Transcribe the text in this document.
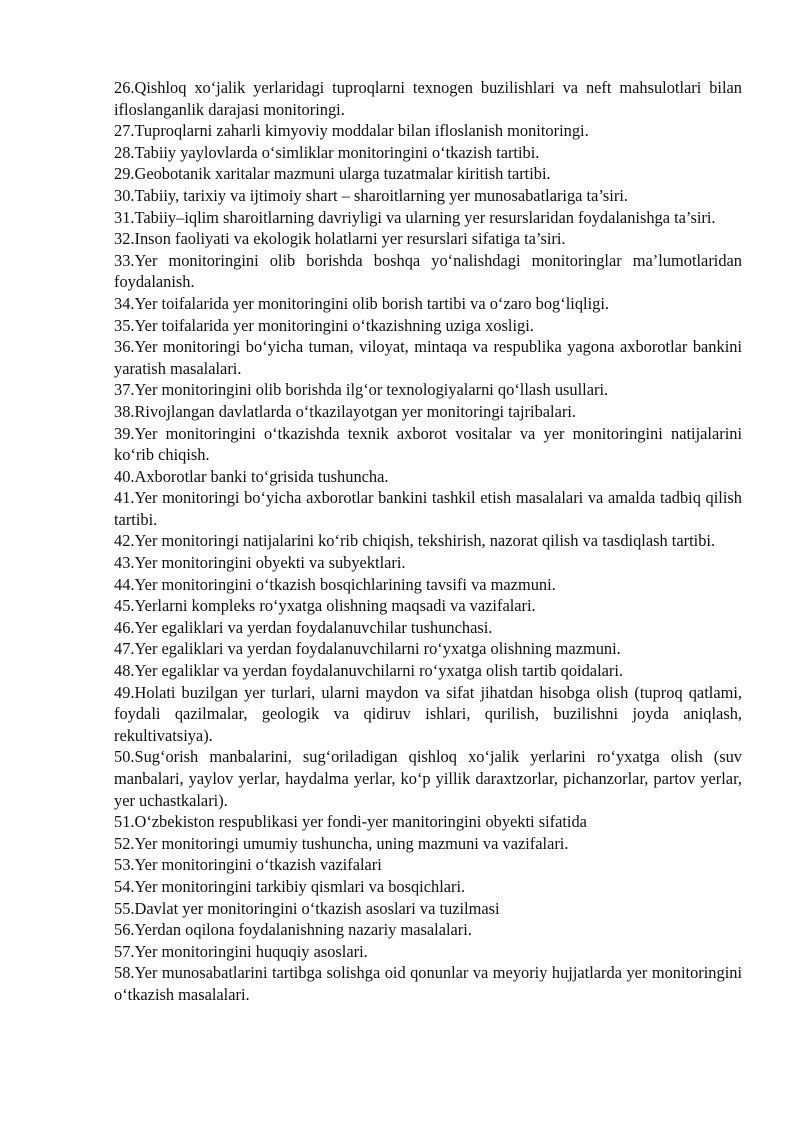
26.Qishloq xo‘jalik yerlaridagi tuproqlarni texnogen buzilishlari va neft mahsulotlari bilan ifloslanganlik darajasi monitoringi.

27.Tuproqlarni zaharli kimyoviy moddalar bilan ifloslanish monitoringi.

28.Tabiiy yaylovlarda o‘simliklar monitoringini o‘tkazish tartibi.

29.Geobotanik xaritalar mazmuni ularga tuzatmalar kiritish tartibi.

30.Tabiiy, tarixiy va ijtimoiy shart – sharoitlarning yer munosabatlariga ta’siri.

31.Tabiiy–iqlim sharoitlarning davriyligi va ularning yer resurslaridan foydalanishga ta’siri.

32.Inson faoliyati va ekologik holatlarni yer resurslari sifatiga ta’siri.

33.Yer monitoringini olib borishda boshqa yo‘nalishdagi monitoringlar ma’lumotlaridan foydalanish.

34.Yer toifalarida yer monitoringini olib borish tartibi va o‘zaro bog‘liqligi.

35.Yer toifalarida yer monitoringini o‘tkazishning uziga xosligi.

36.Yer monitoringi bo‘yicha tuman, viloyat, mintaqa va respublika yagona axborotlar bankini yaratish masalalari.

37.Yer monitoringini olib borishda ilg‘or texnologiyalarni qo‘llash usullari.

38.Rivojlangan davlatlarda o‘tkazilayotgan yer monitoringi tajribalari.

39.Yer monitoringini o‘tkazishda texnik axborot vositalar va yer monitoringini natijalarini ko‘rib chiqish.

40.Axborotlar banki to‘grisida tushuncha.

41.Yer monitoringi bo‘yicha axborotlar bankini tashkil etish masalalari va amalda tadbiq qilish tartibi.

42.Yer monitoringi natijalarini ko‘rib chiqish, tekshirish, nazorat qilish va tasdiqlash tartibi.

43.Yer monitoringini obyekti va subyektlari.

44.Yer monitoringini o‘tkazish bosqichlarining tavsifi va mazmuni.

45.Yerlarni kompleks ro‘yxatga olishning maqsadi va vazifalari.

46.Yer egaliklari va yerdan foydalanuvchilar tushunchasi.

47.Yer egaliklari va yerdan foydalanuvchilarni ro‘yxatga olishning mazmuni.

48.Yer egaliklar va yerdan foydalanuvchilarni ro‘yxatga olish tartib qoidalari.

49.Holati buzilgan yer turlari, ularni maydon va sifat jihatdan hisobga olish (tuproq qatlami, foydali qazilmalar, geologik va qidiruv ishlari, qurilish, buzilishni joyda aniqlash, rekultivatsiya).

50.Sug‘orish manbalarini, sug‘oriladigan qishloq xo‘jalik yerlarini ro‘yxatga olish (suv manbalari, yaylov yerlar, haydalma yerlar, ko‘p yillik daraxtzorlar, pichanzorlar, partov yerlar, yer uchastkalari).

51.O‘zbekiston respublikasi yer fondi-yer manitoringini obyekti sifatida

52.Yer monitoringi umumiy tushuncha, uning mazmuni va vazifalari.

53.Yer monitoringini o‘tkazish vazifalari

54.Yer monitoringini tarkibiy qismlari va bosqichlari.

55.Davlat yer monitoringini o‘tkazish asoslari va tuzilmasi

56.Yerdan oqilona foydalanishning nazariy masalalari.

57.Yer monitoringini huquqiy asoslari.

58.Yer munosabatlarini tartibga solishga oid qonunlar va meyoriy hujjatlarda yer monitoringini o‘tkazish masalalari.
